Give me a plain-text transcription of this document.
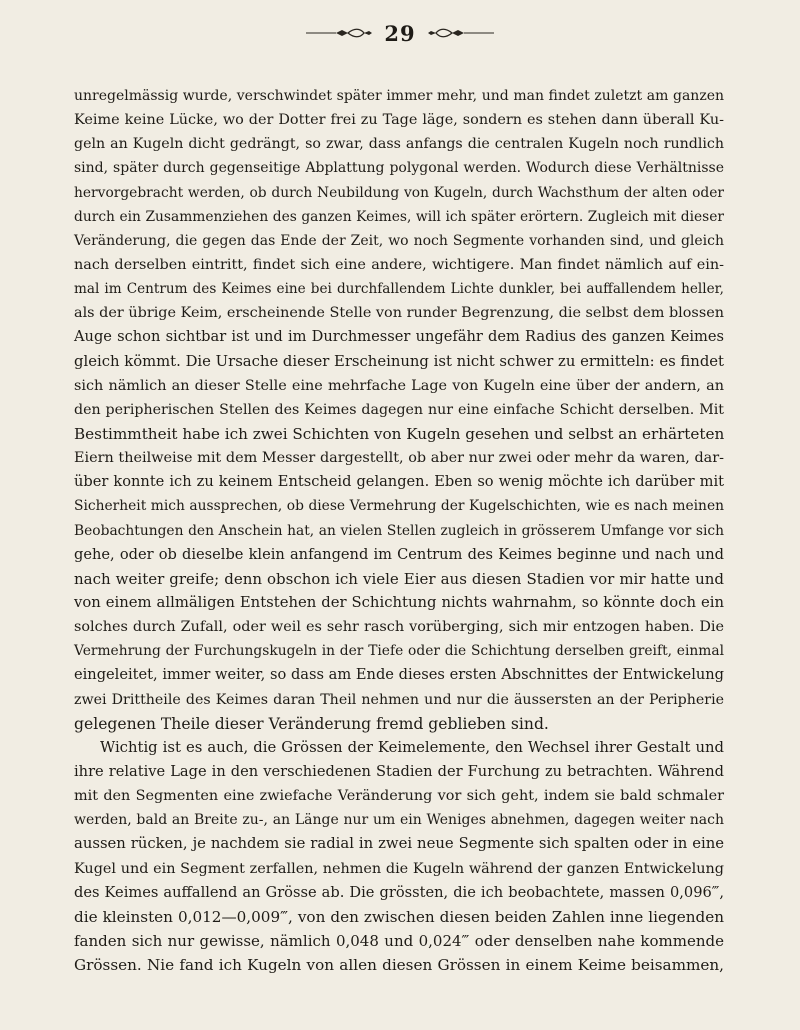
29
unregelmässig wurde, verschwindet später immer mehr, und man findet zuletzt am ganzen
Keime keine Lücke, wo der Dotter frei zu Tage läge, sondern es stehen dann überall Ku-
geln an Kugeln dicht gedrängt, so zwar, dass anfangs die centralen Kugeln noch rundlich
sind, später durch gegenseitige Abplattung polygonal werden. Wodurch diese Verhältnisse
hervorgebracht werden, ob durch Neubildung von Kugeln, durch Wachsthum der alten oder
durch ein Zusammenziehen des ganzen Keimes, will ich später erörtern. Zugleich mit dieser
Veränderung, die gegen das Ende der Zeit, wo noch Segmente vorhanden sind, und gleich
nach derselben eintritt, findet sich eine andere, wichtigere. Man findet nämlich auf ein-
mal im Centrum des Keimes eine bei durchfallendem Lichte dunkler, bei auffallendem heller,
als der übrige Keim, erscheinende Stelle von runder Begrenzung, die selbst dem blossen
Auge schon sichtbar ist und im Durchmesser ungefähr dem Radius des ganzen Keimes
gleich kömmt. Die Ursache dieser Erscheinung ist nicht schwer zu ermitteln: es findet
sich nämlich an dieser Stelle eine mehrfache Lage von Kugeln eine über der andern, an
den peripherischen Stellen des Keimes dagegen nur eine einfache Schicht derselben. Mit
Bestimmtheit habe ich zwei Schichten von Kugeln gesehen und selbst an erhärteten
Eiern theilweise mit dem Messer dargestellt, ob aber nur zwei oder mehr da waren, dar-
über konnte ich zu keinem Entscheid gelangen. Eben so wenig möchte ich darüber mit
Sicherheit mich aussprechen, ob diese Vermehrung der Kugelschichten, wie es nach meinen
Beobachtungen den Anschein hat, an vielen Stellen zugleich in grösserem Umfange vor sich
gehe, oder ob dieselbe klein anfangend im Centrum des Keimes beginne und nach und
nach weiter greife; denn obschon ich viele Eier aus diesen Stadien vor mir hatte und
von einem allmäligen Entstehen der Schichtung nichts wahrnahm, so könnte doch ein
solches durch Zufall, oder weil es sehr rasch vorüberging, sich mir entzogen haben. Die
Vermehrung der Furchungskugeln in der Tiefe oder die Schichtung derselben greift, einmal
eingeleitet, immer weiter, so dass am Ende dieses ersten Abschnittes der Entwickelung
zwei Drittheile des Keimes daran Theil nehmen und nur die äussersten an der Peripherie
gelegenen Theile dieser Veränderung fremd geblieben sind.
Wichtig ist es auch, die Grössen der Keimelemente, den Wechsel ihrer Gestalt und
ihre relative Lage in den verschiedenen Stadien der Furchung zu betrachten. Während
mit den Segmenten eine zwiefache Veränderung vor sich geht, indem sie bald schmaler
werden, bald an Breite zu-, an Länge nur um ein Weniges abnehmen, dagegen weiter nach
aussen rücken, je nachdem sie radial in zwei neue Segmente sich spalten oder in eine
Kugel und ein Segment zerfallen, nehmen die Kugeln während der ganzen Entwickelung
des Keimes auffallend an Grösse ab. Die grössten, die ich beobachtete, massen 0,096‴,
die kleinsten 0,012—0,009‴, von den zwischen diesen beiden Zahlen inne liegenden
fanden sich nur gewisse, nämlich 0,048 und 0,024‴ oder denselben nahe kommende
Grössen. Nie fand ich Kugeln von allen diesen Grössen in einem Keime beisammen,
